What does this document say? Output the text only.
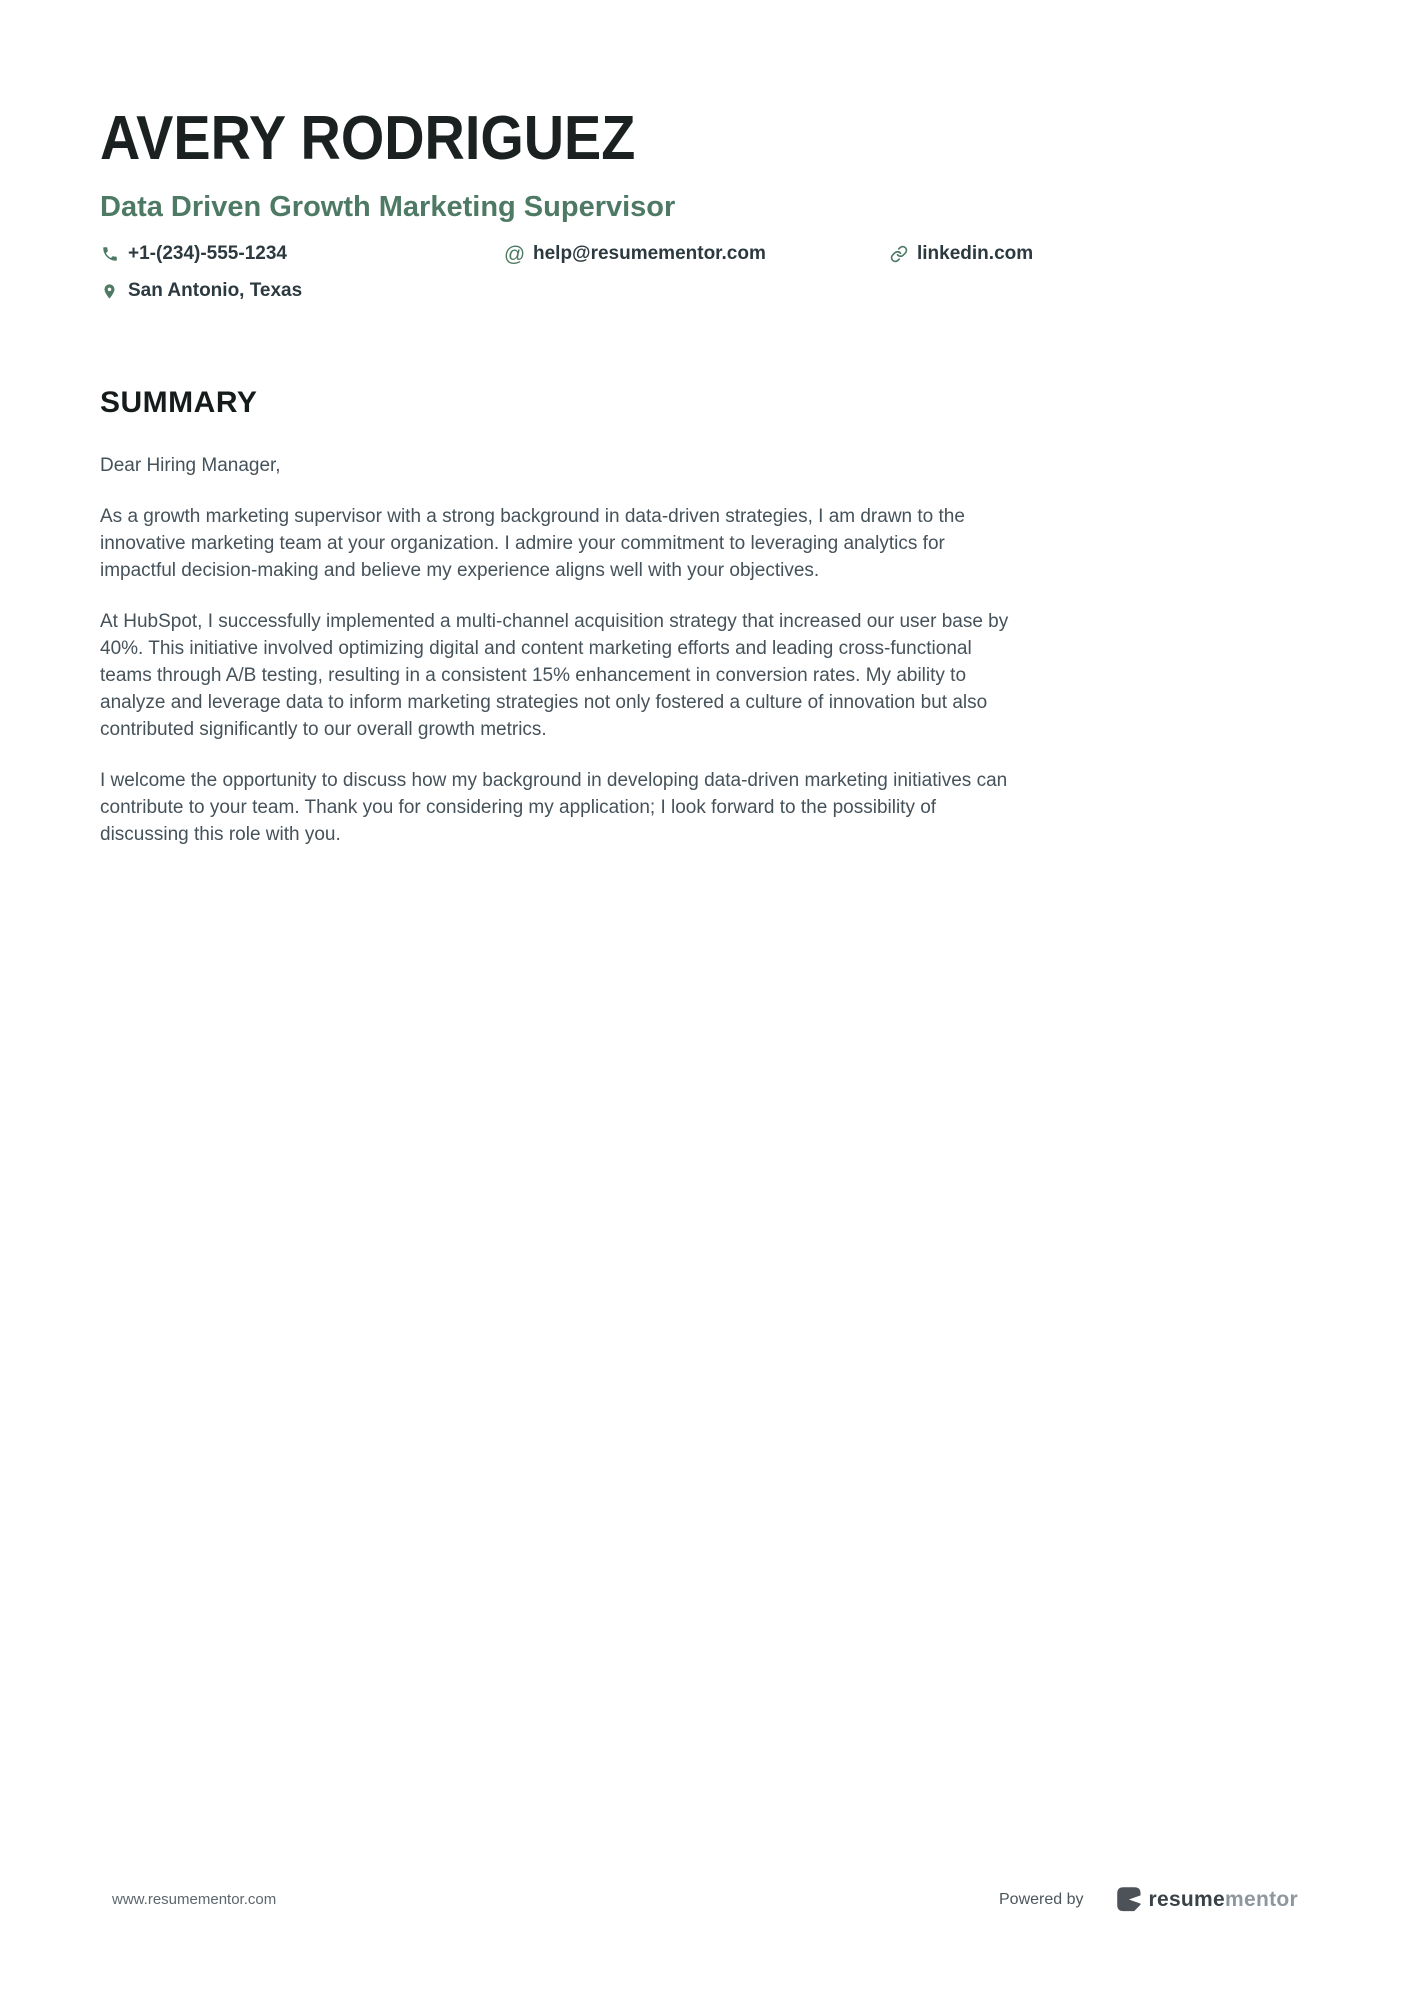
AVERY RODRIGUEZ
Data Driven Growth Marketing Supervisor
+1-(234)-555-1234	@ help@resumementor.com	linkedin.com
San Antonio, Texas
SUMMARY

Dear Hiring Manager,

As a growth marketing supervisor with a strong background in data-driven strategies, I am drawn to the innovative marketing team at your organization. I admire your commitment to leveraging analytics for impactful decision-making and believe my experience aligns well with your objectives.

At HubSpot, I successfully implemented a multi-channel acquisition strategy that increased our user base by 40%. This initiative involved optimizing digital and content marketing efforts and leading cross-functional teams through A/B testing, resulting in a consistent 15% enhancement in conversion rates. My ability to analyze and leverage data to inform marketing strategies not only fostered a culture of innovation but also contributed significantly to our overall growth metrics.

I welcome the opportunity to discuss how my background in developing data-driven marketing initiatives can contribute to your team. Thank you for considering my application; I look forward to the possibility of discussing this role with you.

www.resumementor.com	Powered by	resumementor
